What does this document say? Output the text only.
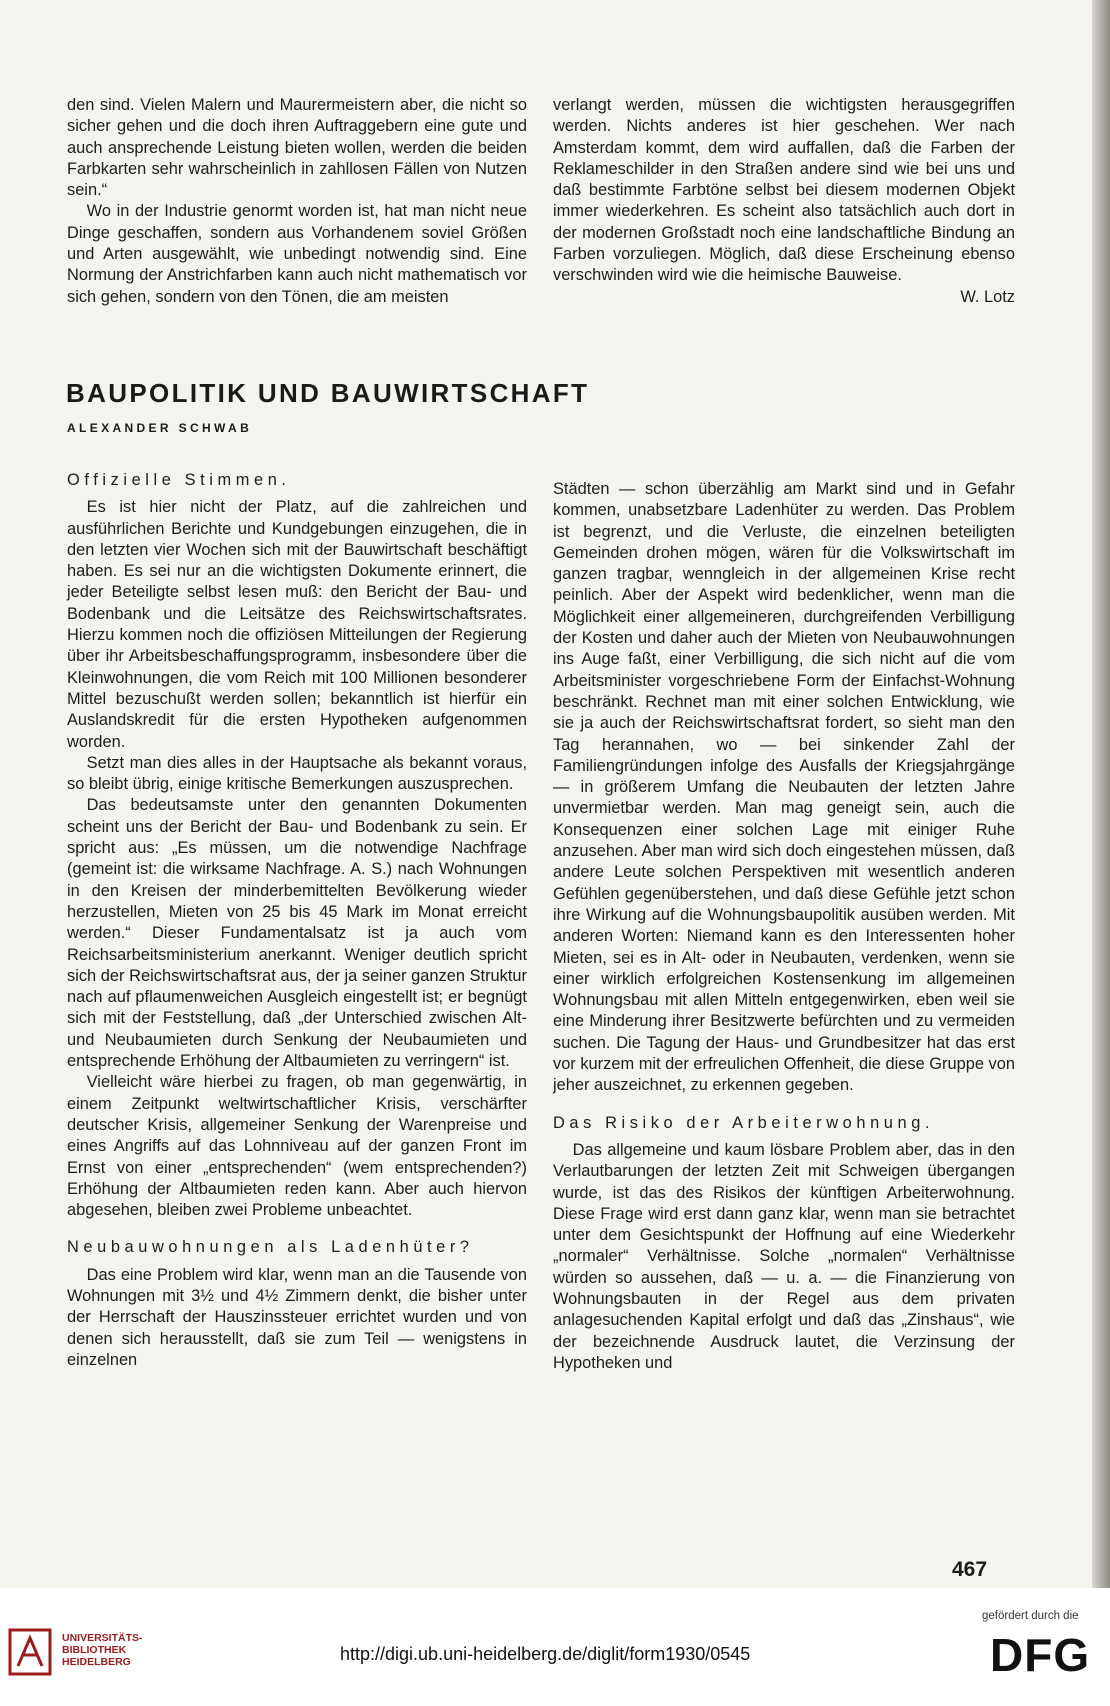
den sind. Vielen Malern und Maurermeistern aber, die nicht so sicher gehen und die doch ihren Auftraggebern eine gute und auch ansprechende Leistung bieten wollen, werden die beiden Farbkarten sehr wahrscheinlich in zahllosen Fällen von Nutzen sein.“

Wo in der Industrie genormt worden ist, hat man nicht neue Dinge geschaffen, sondern aus Vorhandenem soviel Größen und Arten ausgewählt, wie unbedingt notwendig sind. Eine Normung der Anstrichfarben kann auch nicht mathematisch vor sich gehen, sondern von den Tönen, die am meisten

verlangt werden, müssen die wichtigsten herausgegriffen werden. Nichts anderes ist hier geschehen. Wer nach Amsterdam kommt, dem wird auffallen, daß die Farben der Reklameschilder in den Straßen andere sind wie bei uns und daß bestimmte Farbtöne selbst bei diesem modernen Objekt immer wiederkehren. Es scheint also tatsächlich auch dort in der modernen Großstadt noch eine landschaftliche Bindung an Farben vorzuliegen. Möglich, daß diese Erscheinung ebenso verschwinden wird wie die heimische Bauweise.

W. Lotz
BAUPOLITIK UND BAUWIRTSCHAFT
ALEXANDER SCHWAB
Offizielle Stimmen.

Es ist hier nicht der Platz, auf die zahlreichen und ausführlichen Berichte und Kundgebungen einzugehen, die in den letzten vier Wochen sich mit der Bauwirtschaft beschäftigt haben. Es sei nur an die wichtigsten Dokumente erinnert, die jeder Beteiligte selbst lesen muß: den Bericht der Bau- und Bodenbank und die Leitsätze des Reichswirtschaftsrates. Hierzu kommen noch die offiziösen Mitteilungen der Regierung über ihr Arbeitsbeschaffungsprogramm, insbesondere über die Kleinwohnungen, die vom Reich mit 100 Millionen besonderer Mittel bezuschußt werden sollen; bekanntlich ist hierfür ein Auslandskredit für die ersten Hypotheken aufgenommen worden.

Setzt man dies alles in der Hauptsache als bekannt voraus, so bleibt übrig, einige kritische Bemerkungen auszusprechen.

Das bedeutsamste unter den genannten Dokumenten scheint uns der Bericht der Bau- und Bodenbank zu sein. Er spricht aus: „Es müssen, um die notwendige Nachfrage (gemeint ist: die wirksame Nachfrage. A. S.) nach Wohnungen in den Kreisen der minderbemittelten Bevölkerung wieder herzustellen, Mieten von 25 bis 45 Mark im Monat erreicht werden.“ Dieser Fundamentalsatz ist ja auch vom Reichsarbeitsministerium anerkannt. Weniger deutlich spricht sich der Reichswirtschaftsrat aus, der ja seiner ganzen Struktur nach auf pflaumenweichen Ausgleich eingestellt ist; er begnügt sich mit der Feststellung, daß „der Unterschied zwischen Alt- und Neubaumieten durch Senkung der Neubaumieten und entsprechende Erhöhung der Altbaumieten zu verringern“ ist.

Vielleicht wäre hierbei zu fragen, ob man gegenwärtig, in einem Zeitpunkt weltwirtschaftlicher Krisis, verschärfter deutscher Krisis, allgemeiner Senkung der Warenpreise und eines Angriffs auf das Lohnniveau auf der ganzen Front im Ernst von einer „entsprechenden“ (wem entsprechenden?) Erhöhung der Altbaumieten reden kann. Aber auch hiervon abgesehen, bleiben zwei Probleme unbeachtet.

Neubauwohnungen als Ladenhüter?

Das eine Problem wird klar, wenn man an die Tausende von Wohnungen mit 3½ und 4½ Zimmern denkt, die bisher unter der Herrschaft der Hauszinssteuer errichtet wurden und von denen sich herausstellt, daß sie zum Teil — wenigstens in einzelnen

Städten — schon überzählig am Markt sind und in Gefahr kommen, unabsetzbare Ladenhüter zu werden. Das Problem ist begrenzt, und die Verluste, die einzelnen beteiligten Gemeinden drohen mögen, wären für die Volkswirtschaft im ganzen tragbar, wenngleich in der allgemeinen Krise recht peinlich. Aber der Aspekt wird bedenklicher, wenn man die Möglichkeit einer allgemeineren, durchgreifenden Verbilligung der Kosten und daher auch der Mieten von Neubauwohnungen ins Auge faßt, einer Verbilligung, die sich nicht auf die vom Arbeitsminister vorgeschriebene Form der Einfachst-Wohnung beschränkt. Rechnet man mit einer solchen Entwicklung, wie sie ja auch der Reichswirtschaftsrat fordert, so sieht man den Tag herannahen, wo — bei sinkender Zahl der Familiengründungen infolge des Ausfalls der Kriegsjahrgänge — in größerem Umfang die Neubauten der letzten Jahre unvermietbar werden. Man mag geneigt sein, auch die Konsequenzen einer solchen Lage mit einiger Ruhe anzusehen. Aber man wird sich doch eingestehen müssen, daß andere Leute solchen Perspektiven mit wesentlich anderen Gefühlen gegenüberstehen, und daß diese Gefühle jetzt schon ihre Wirkung auf die Wohnungsbaupolitik ausüben werden. Mit anderen Worten: Niemand kann es den Interessenten hoher Mieten, sei es in Alt- oder in Neubauten, verdenken, wenn sie einer wirklich erfolgreichen Kostensenkung im allgemeinen Wohnungsbau mit allen Mitteln entgegenwirken, eben weil sie eine Minderung ihrer Besitzwerte befürchten und zu vermeiden suchen. Die Tagung der Haus- und Grundbesitzer hat das erst vor kurzem mit der erfreulichen Offenheit, die diese Gruppe von jeher auszeichnet, zu erkennen gegeben.

Das Risiko der Arbeiterwohnung.

Das allgemeine und kaum lösbare Problem aber, das in den Verlautbarungen der letzten Zeit mit Schweigen übergangen wurde, ist das des Risikos der künftigen Arbeiterwohnung. Diese Frage wird erst dann ganz klar, wenn man sie betrachtet unter dem Gesichtspunkt der Hoffnung auf eine Wiederkehr „normaler“ Verhältnisse. Solche „normalen“ Verhältnisse würden so aussehen, daß — u. a. — die Finanzierung von Wohnungsbauten in der Regel aus dem privaten anlagesuchenden Kapital erfolgt und daß das „Zinshaus“, wie der bezeichnende Ausdruck lautet, die Verzinsung der Hypotheken und

467
UNIVERSITÄTS-
BIBLIOTHEK
HEIDELBERG	http://digi.ub.uni-heidelberg.de/diglit/form1930/0545
gefördert durch die
DFG
